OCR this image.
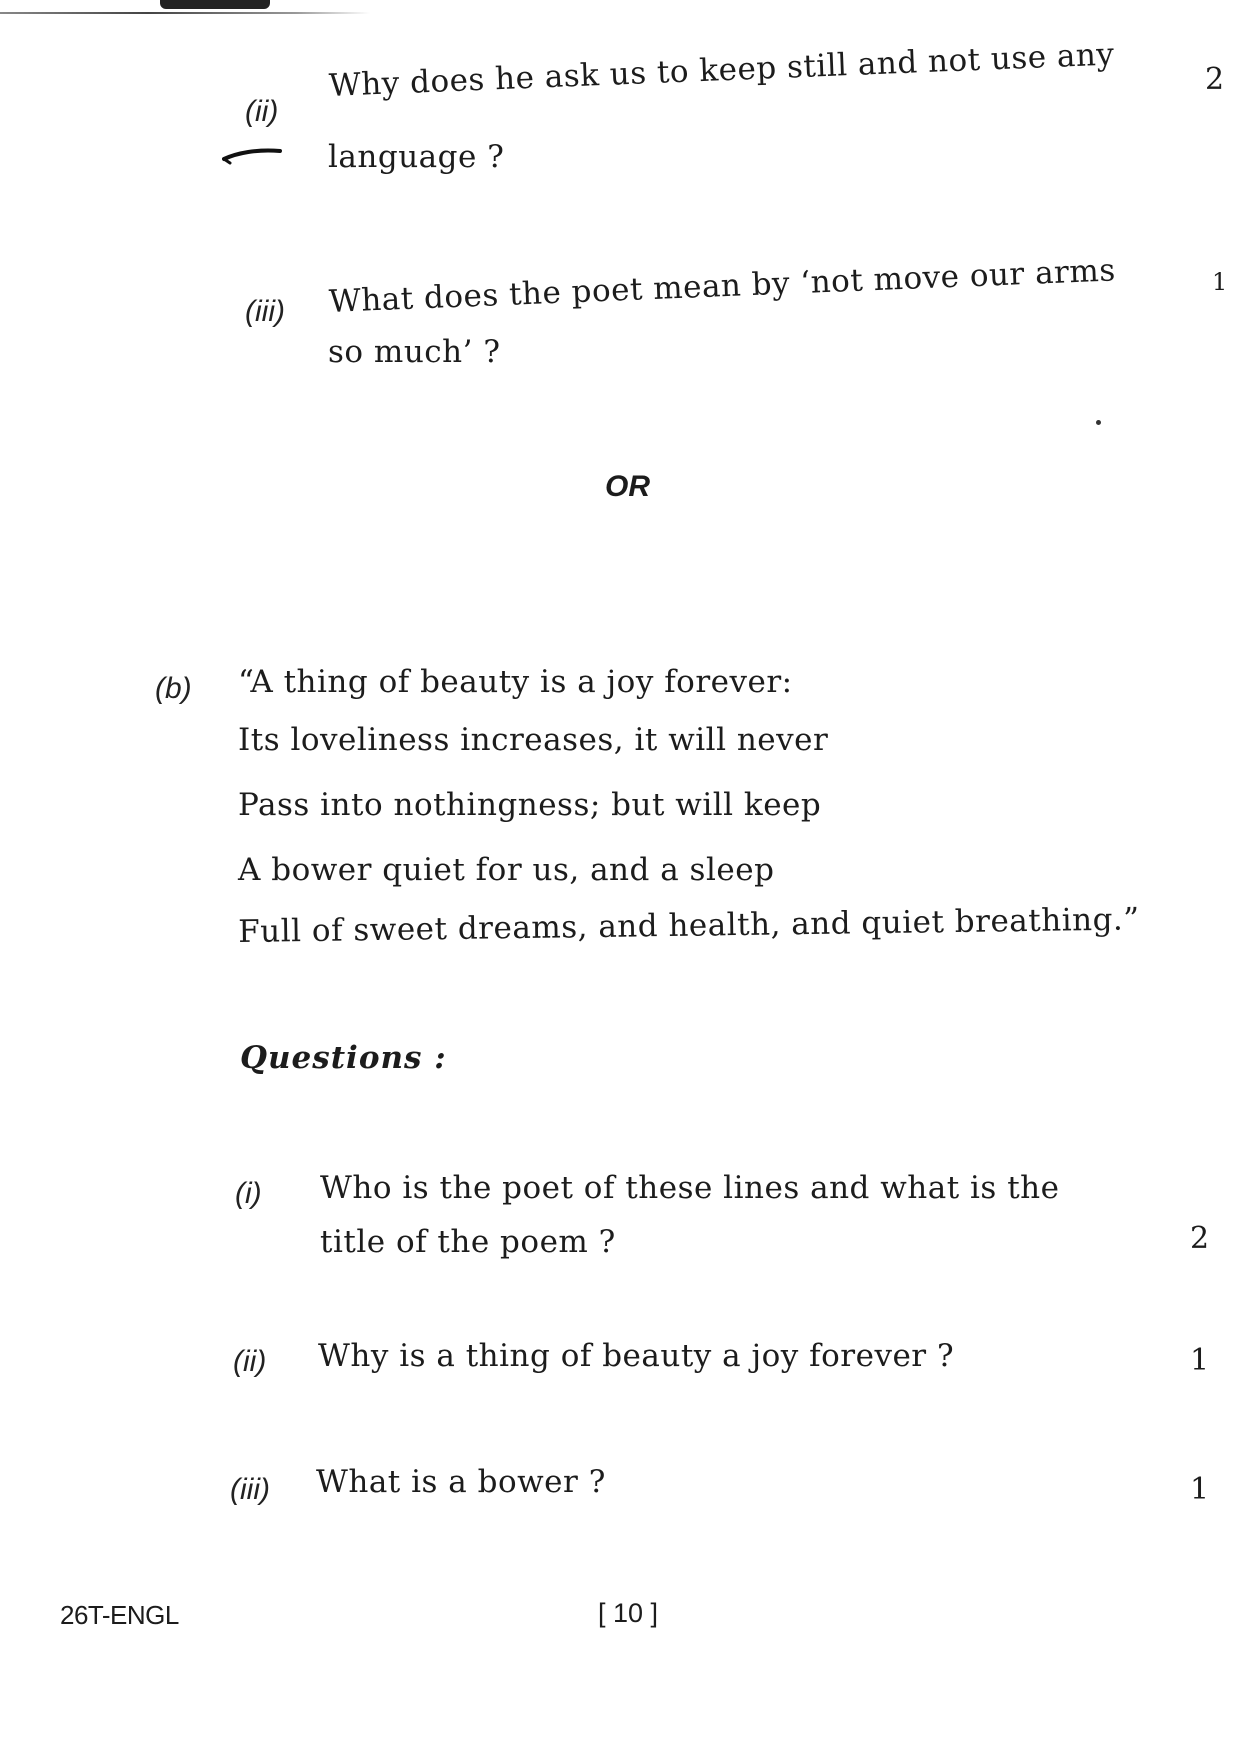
(ii)
Why does he ask us to keep still and not use any	2
language ?
(iii) What does the poet mean by ‘not move our arms	1
so much’ ?
OR
(b) “A thing of beauty is a joy forever:
Its loveliness increases, it will never
Pass into nothingness; but will keep
A bower quiet for us, and a sleep
Full of sweet dreams, and health, and quiet breathing.”
Questions :
(i) Who is the poet of these lines and what is the
title of the poem ?	2
(ii) Why is a thing of beauty a joy forever ?	1
(iii) What is a bower ?	1
26T-ENGL	[ 10 ]
